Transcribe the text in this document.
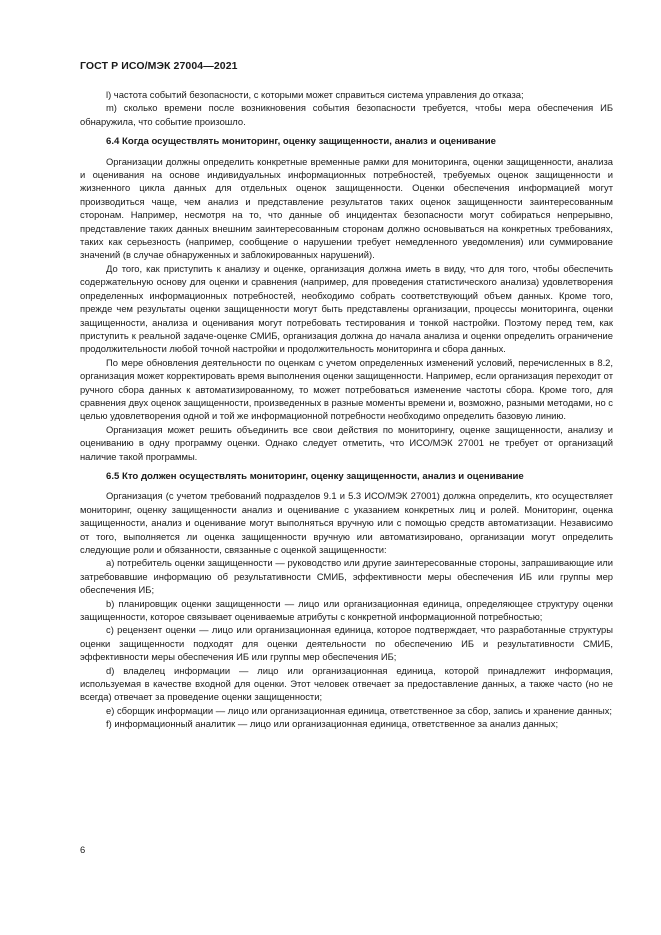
ГОСТ Р ИСО/МЭК 27004—2021

l) частота событий безопасности, с которыми может справиться система управления до отказа;

m) сколько времени после возникновения события безопасности требуется, чтобы мера обеспечения ИБ обнаружила, что событие произошло.

6.4 Когда осуществлять мониторинг, оценку защищенности, анализ и оценивание

Организации должны определить конкретные временные рамки для мониторинга, оценки защищенности, анализа и оценивания на основе индивидуальных информационных потребностей, требуемых оценок защищенности и жизненного цикла данных для отдельных оценок защищенности. Оценки обеспечения информацией могут производиться чаще, чем анализ и представление результатов таких оценок защищенности заинтересованным сторонам. Например, несмотря на то, что данные об инцидентах безопасности могут собираться непрерывно, представление таких данных внешним заинтересованным сторонам должно основываться на конкретных требованиях, таких как серьезность (например, сообщение о нарушении требует немедленного уведомления) или суммирование значений (в случае обнаруженных и заблокированных нарушений).

До того, как приступить к анализу и оценке, организация должна иметь в виду, что для того, чтобы обеспечить содержательную основу для оценки и сравнения (например, для проведения статистического анализа) удовлетворения определенных информационных потребностей, необходимо собрать соответствующий объем данных. Кроме того, прежде чем результаты оценки защищенности могут быть представлены организации, процессы мониторинга, оценки защищенности, анализа и оценивания могут потребовать тестирования и тонкой настройки. Поэтому перед тем, как приступить к реальной задаче-оценке СМИБ, организация должна до начала анализа и оценки определить ограничение продолжительности любой точной настройки и продолжительность мониторинга и сбора данных.

По мере обновления деятельности по оценкам с учетом определенных изменений условий, перечисленных в 8.2, организация может корректировать время выполнения оценки защищенности. Например, если организация переходит от ручного сбора данных к автоматизированному, то может потребоваться изменение частоты сбора. Кроме того, для сравнения двух оценок защищенности, произведенных в разные моменты времени и, возможно, разными методами, но с целью удовлетворения одной и той же информационной потребности необходимо определить базовую линию.

Организация может решить объединить все свои действия по мониторингу, оценке защищенности, анализу и оцениванию в одну программу оценки. Однако следует отметить, что ИСО/МЭК 27001 не требует от организаций наличие такой программы.

6.5 Кто должен осуществлять мониторинг, оценку защищенности, анализ и оценивание

Организация (с учетом требований подразделов 9.1 и 5.3 ИСО/МЭК 27001) должна определить, кто осуществляет мониторинг, оценку защищенности анализ и оценивание с указанием конкретных лиц и ролей. Мониторинг, оценка защищенности, анализ и оценивание могут выполняться вручную или с помощью средств автоматизации. Независимо от того, выполняется ли оценка защищенности вручную или автоматизировано, организации могут определить следующие роли и обязанности, связанные с оценкой защищенности:

a) потребитель оценки защищенности — руководство или другие заинтересованные стороны, запрашивающие или затребовавшие информацию об результативности СМИБ, эффективности меры обеспечения ИБ или группы мер обеспечения ИБ;

b) планировщик оценки защищенности — лицо или организационная единица, определяющее структуру оценки защищенности, которое связывает оцениваемые атрибуты с конкретной информационной потребностью;

c) рецензент оценки — лицо или организационная единица, которое подтверждает, что разработанные структуры оценки защищенности подходят для оценки деятельности по обеспечению ИБ и результативности СМИБ, эффективности меры обеспечения ИБ или группы мер обеспечения ИБ;

d) владелец информации — лицо или организационная единица, которой принадлежит информация, используемая в качестве входной для оценки. Этот человек отвечает за предоставление данных, а также часто (но не всегда) отвечает за проведение оценки защищенности;

e) сборщик информации — лицо или организационная единица, ответственное за сбор, запись и хранение данных;

f) информационный аналитик — лицо или организационная единица, ответственное за анализ данных;

6
